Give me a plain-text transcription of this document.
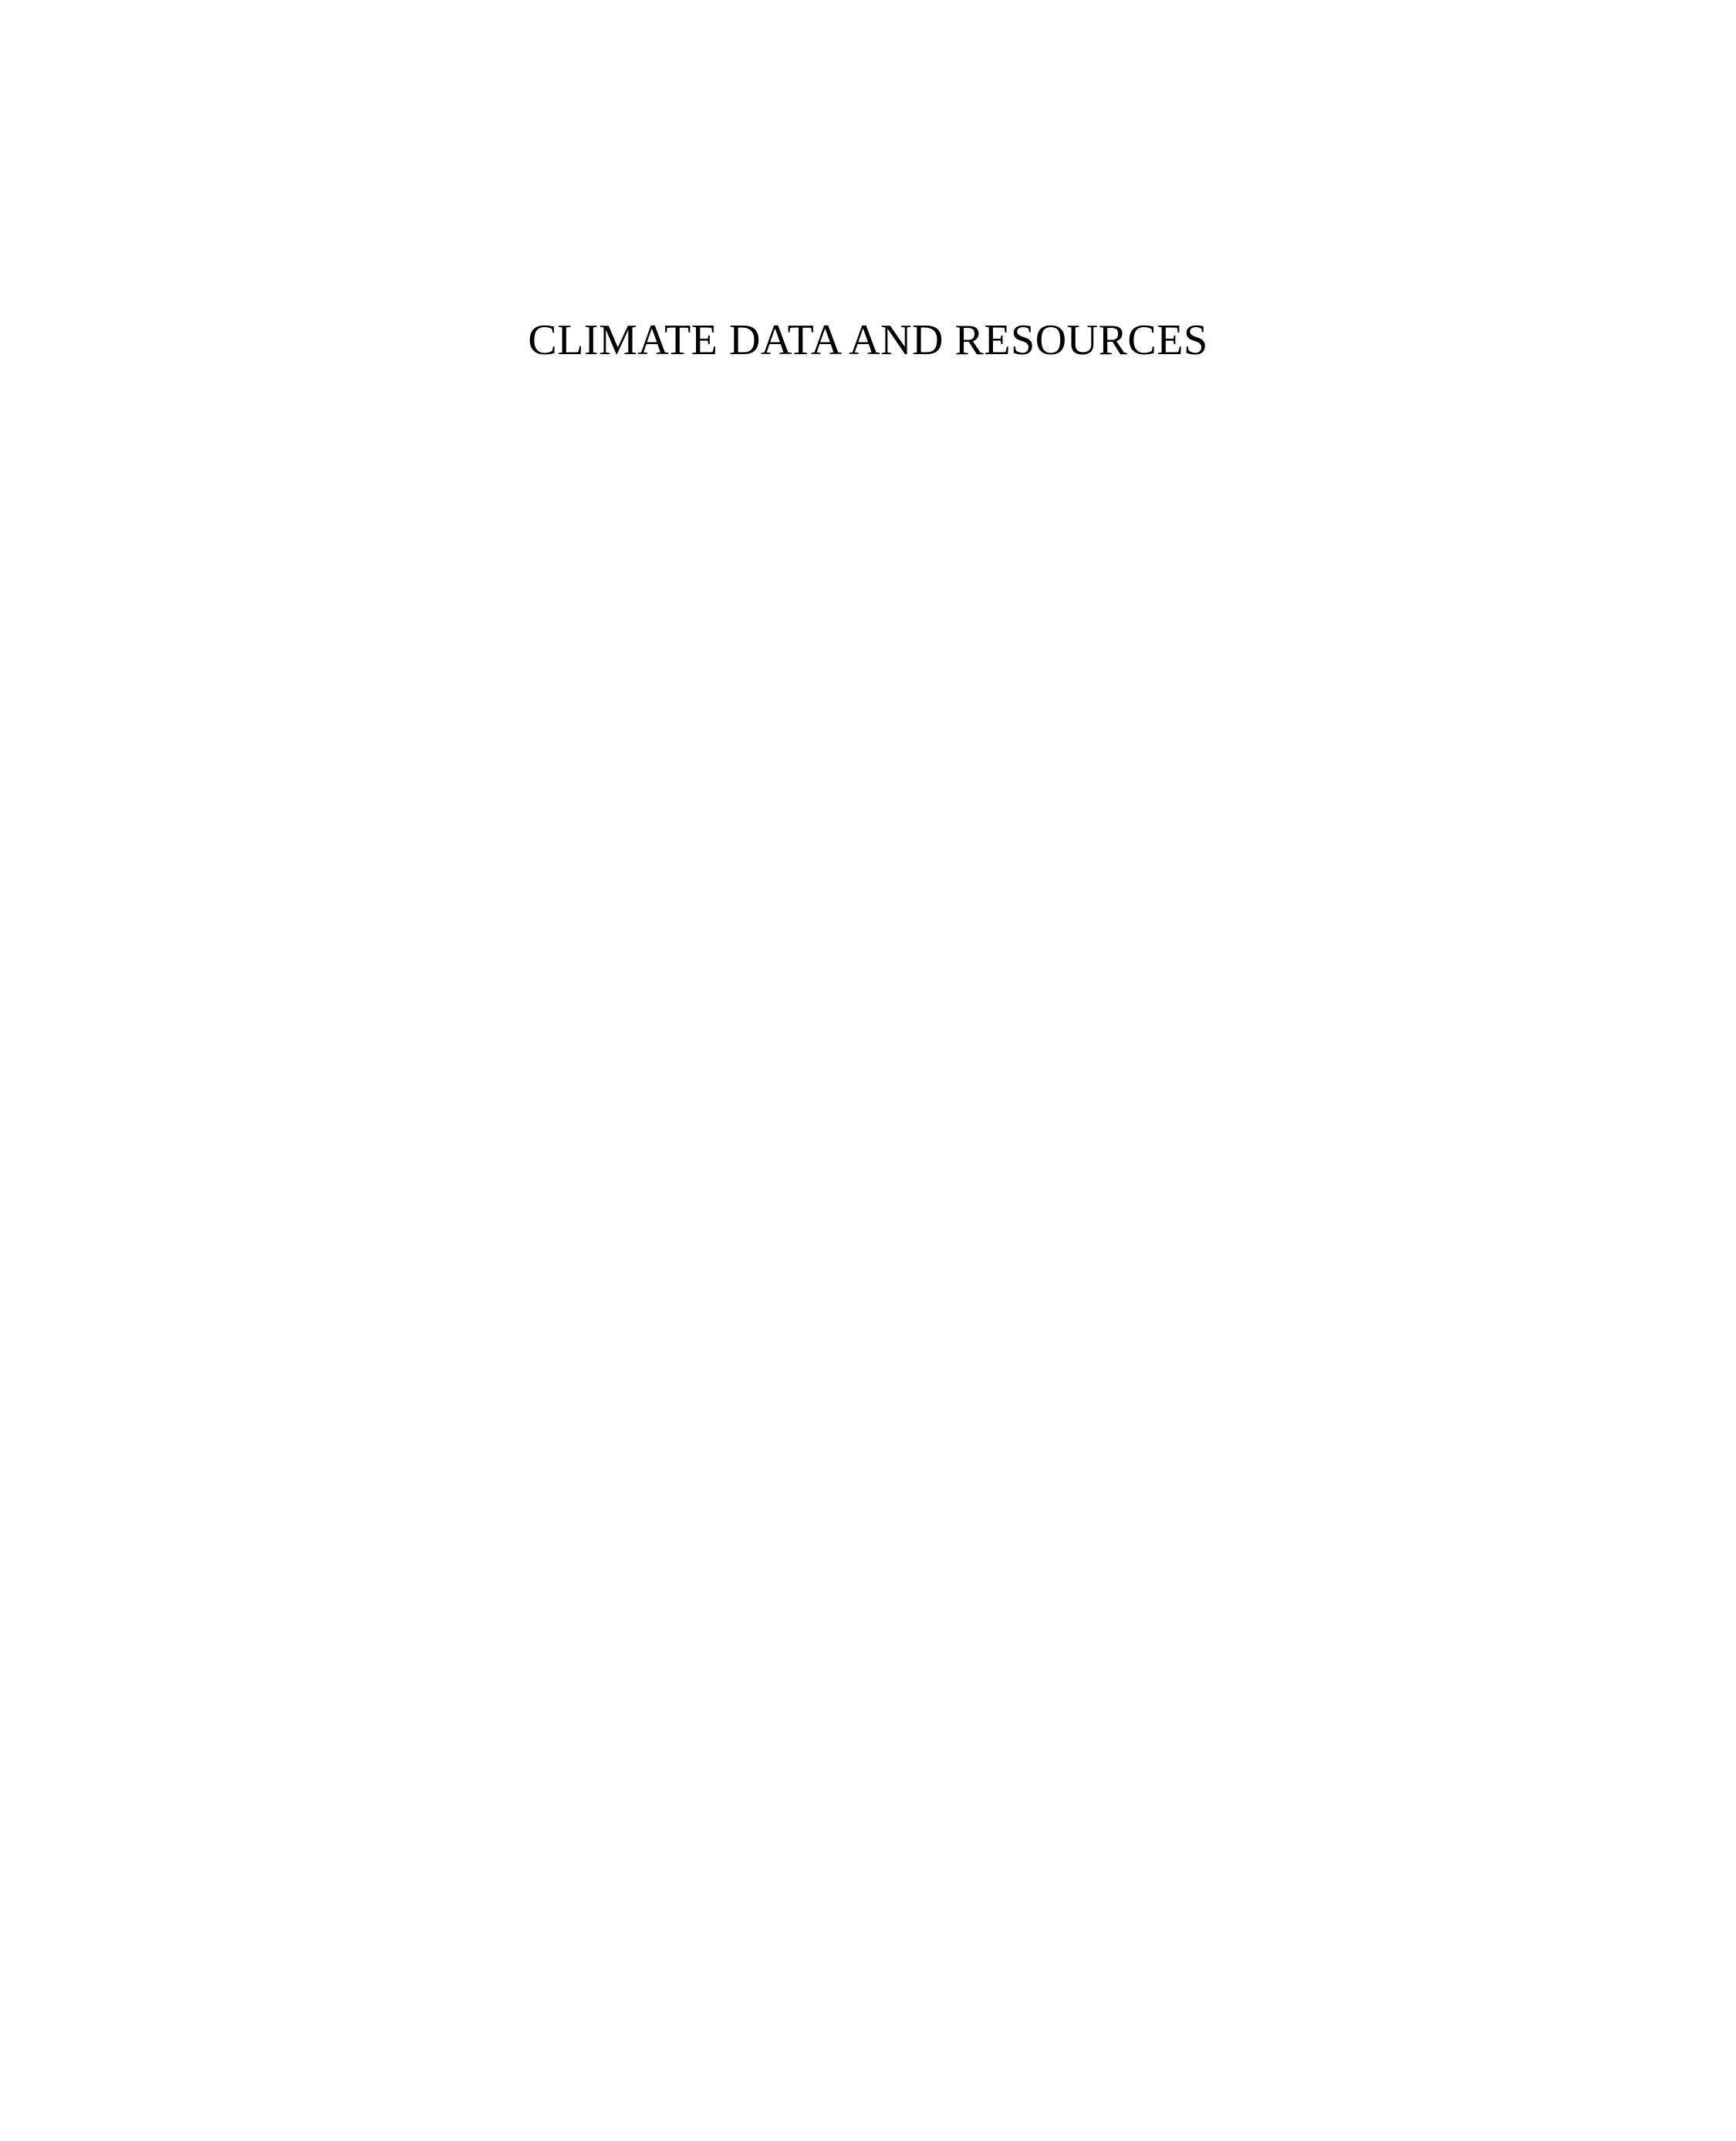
CLIMATE DATA AND RESOURCES
